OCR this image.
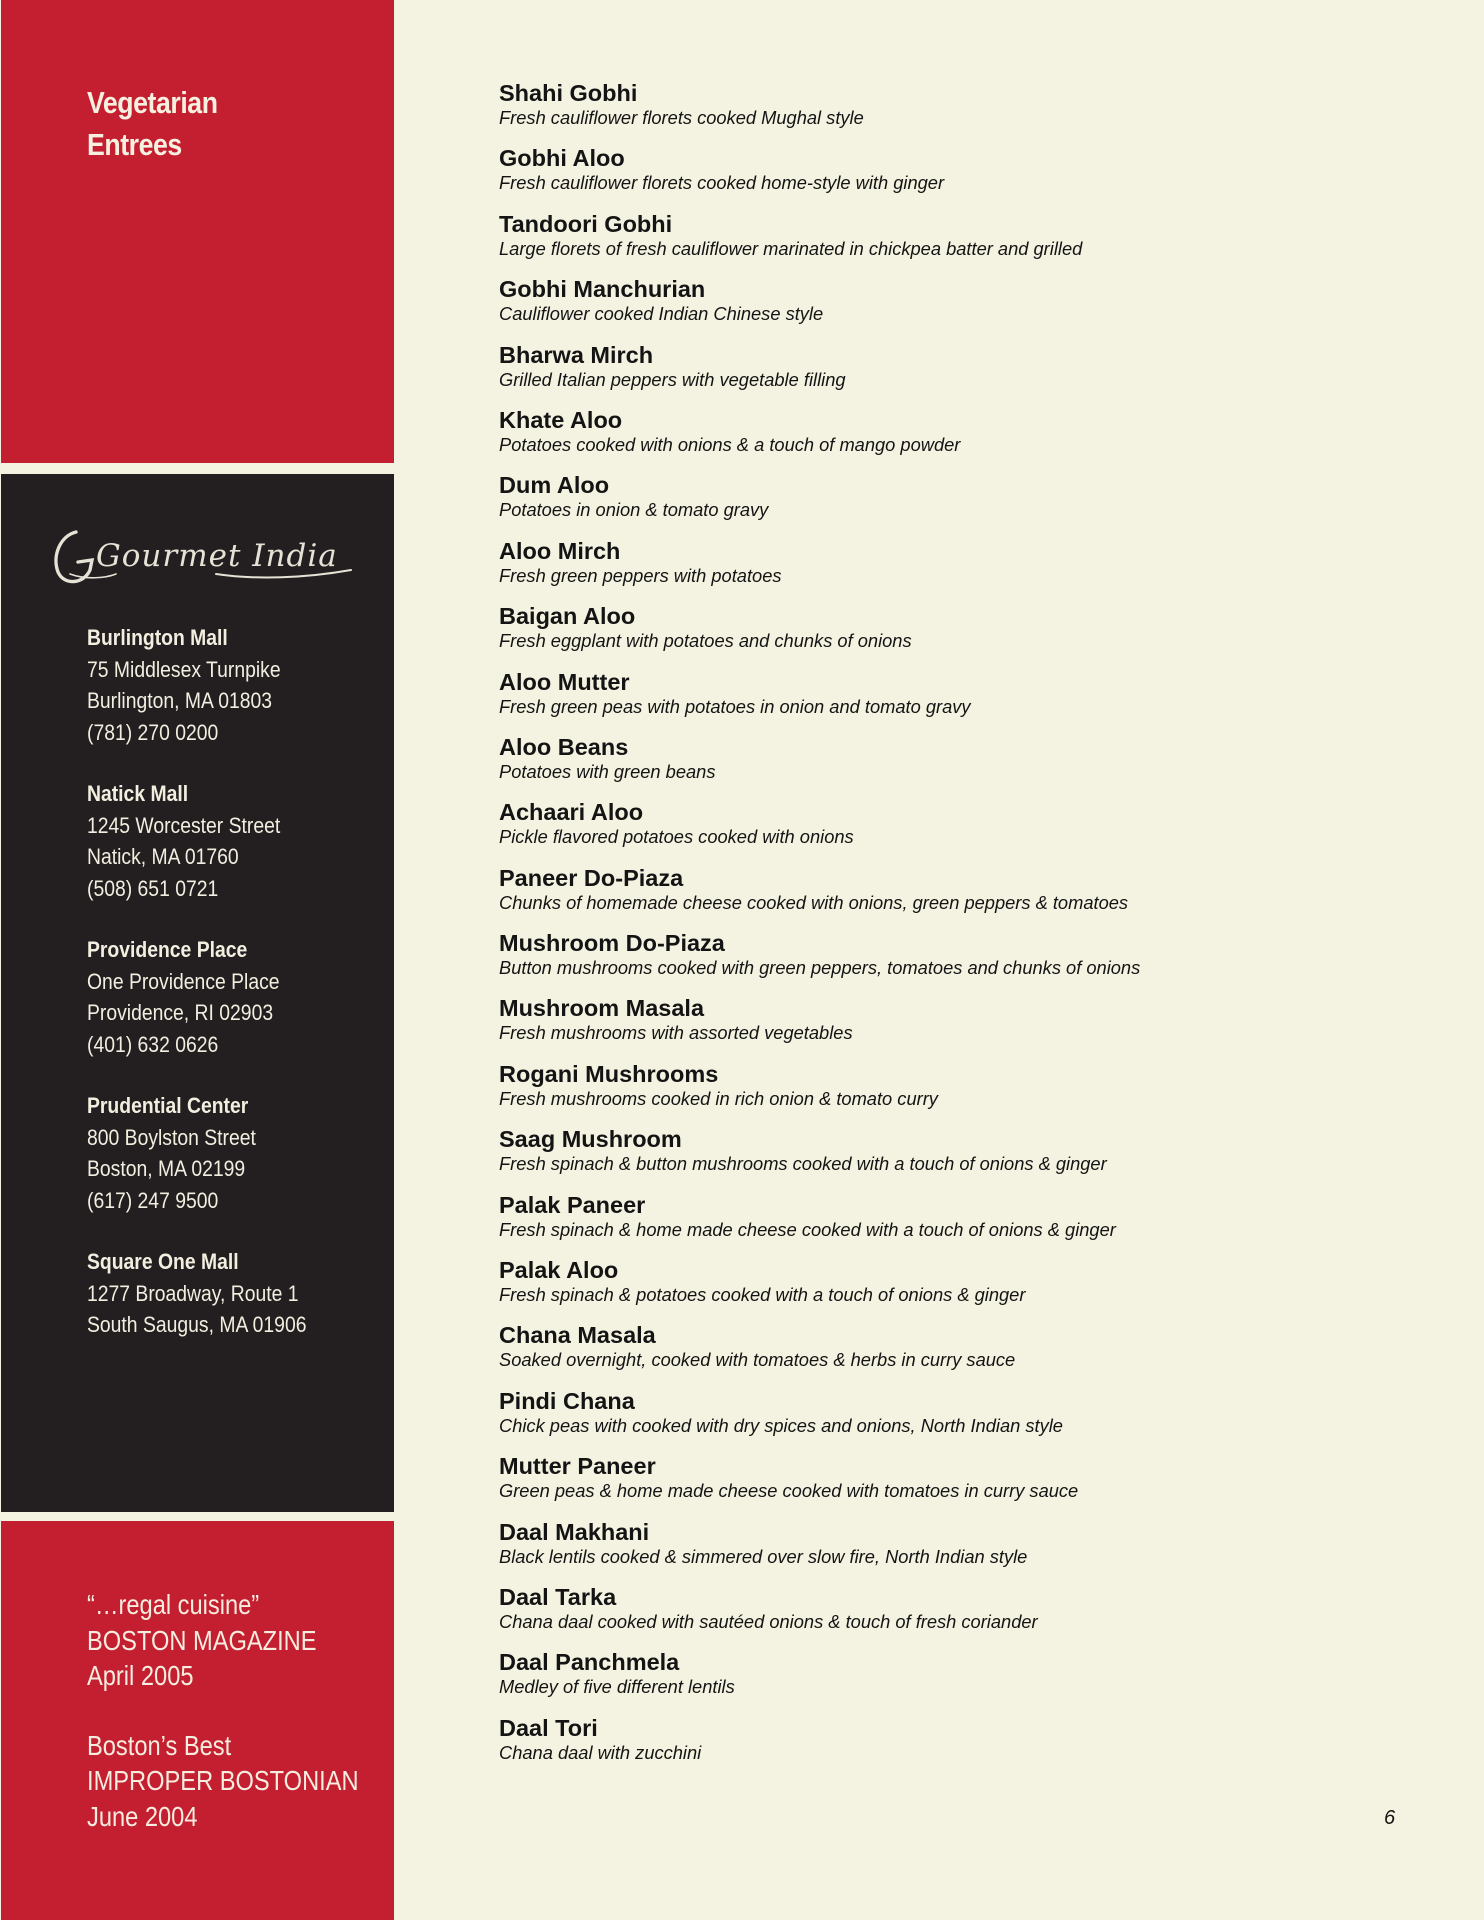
Vegetarian
Entrees
Gourmet India
Burlington Mall
75 Middlesex Turnpike
Burlington, MA 01803
(781) 270 0200
Natick Mall
1245 Worcester Street
Natick, MA 01760
(508) 651 0721
Providence Place
One Providence Place
Providence, RI 02903
(401) 632 0626
Prudential Center
800 Boylston Street
Boston, MA 02199
(617) 247 9500
Square One Mall
1277 Broadway, Route 1
South Saugus, MA 01906
“…regal cuisine”
BOSTON MAGAZINE
April 2005
Boston’s Best
IMPROPER BOSTONIAN
June 2004
Shahi Gobhi
Fresh cauliflower florets cooked Mughal style
Gobhi Aloo
Fresh cauliflower florets cooked home-style with ginger
Tandoori Gobhi
Large florets of fresh cauliflower marinated in chickpea batter and grilled
Gobhi Manchurian
Cauliflower cooked Indian Chinese style
Bharwa Mirch
Grilled Italian peppers with vegetable filling
Khate Aloo
Potatoes cooked with onions & a touch of mango powder
Dum Aloo
Potatoes in onion & tomato gravy
Aloo Mirch
Fresh green peppers with potatoes
Baigan Aloo
Fresh eggplant with potatoes and chunks of onions
Aloo Mutter
Fresh green peas with potatoes in onion and tomato gravy
Aloo Beans
Potatoes with green beans
Achaari Aloo
Pickle flavored potatoes cooked with onions
Paneer Do-Piaza
Chunks of homemade cheese cooked with onions, green peppers & tomatoes
Mushroom Do-Piaza
Button mushrooms cooked with green peppers, tomatoes and chunks of onions
Mushroom Masala
Fresh mushrooms with assorted vegetables
Rogani Mushrooms
Fresh mushrooms cooked in rich onion & tomato curry
Saag Mushroom
Fresh spinach & button mushrooms cooked with a touch of onions & ginger
Palak Paneer
Fresh spinach & home made cheese cooked with a touch of onions & ginger
Palak Aloo
Fresh spinach & potatoes cooked with a touch of onions & ginger
Chana Masala
Soaked overnight, cooked with tomatoes & herbs in curry sauce
Pindi Chana
Chick peas with cooked with dry spices and onions, North Indian style
Mutter Paneer
Green peas & home made cheese cooked with tomatoes in curry sauce
Daal Makhani
Black lentils cooked & simmered over slow fire, North Indian style
Daal Tarka
Chana daal cooked with sautéed onions & touch of fresh coriander
Daal Panchmela
Medley of five different lentils
Daal Tori
Chana daal with zucchini
6
